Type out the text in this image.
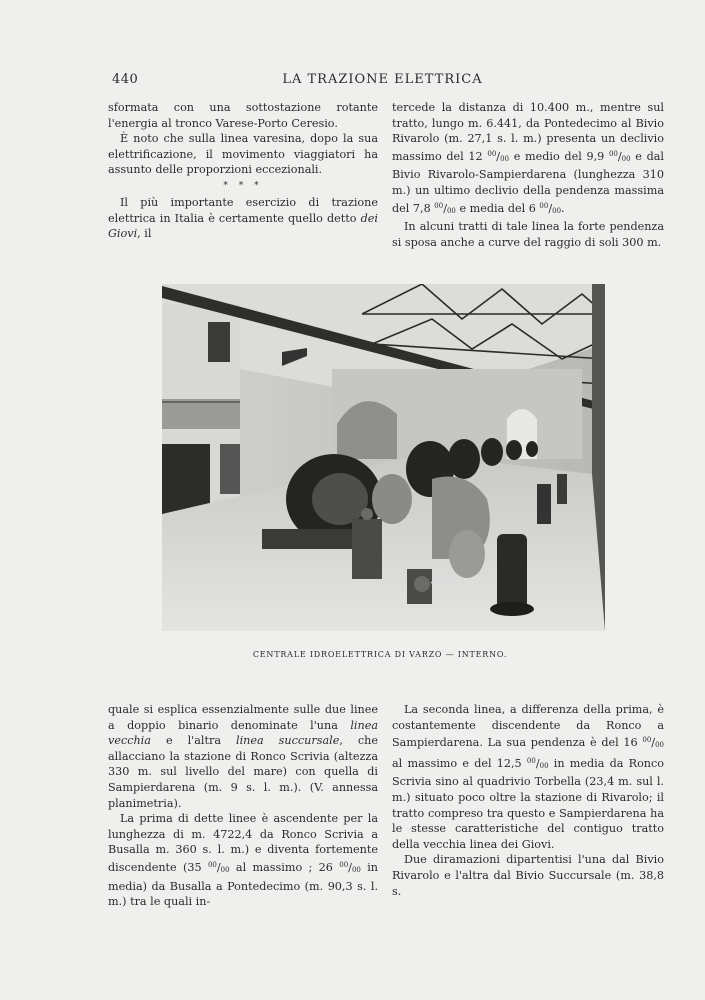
440	LA TRAZIONE ELETTRICA

sformata con una sottostazione rotante l'energia al tronco Varese-Porto Ceresio.

È noto che sulla linea varesina, dopo la sua elettrificazione, il movimento viaggiatori ha assunto delle proporzioni eccezionali.

* * *

Il più importante esercizio di trazione elettrica in Italia è certamente quello detto dei Giovi, il

tercede la distanza di 10.400 m., mentre sul tratto, lungo m. 6.441, da Pontedecimo al Bivio Rivarolo (m. 27,1 s. l. m.) presenta un declivio massimo del 12 $^{00}/_{00}$ e medio del 9,9 $^{00}/_{00}$ e dal Bivio Rivarolo-Sampierdarena (lunghezza 310 m.) un ultimo declivio della pendenza massima del 7,8 $^{00}/_{00}$ e media del 6 $^{00}/_{00}$.

In alcuni tratti di tale linea la forte pendenza si sposa anche a curve del raggio di soli 300 m.

CENTRALE IDROELETTRICA DI VARZO — INTERNO.

quale si esplica essenzialmente sulle due linee a doppio binario denominate l'una linea vecchia e l'altra linea succursale, che allacciano la stazione di Ronco Scrivia (altezza 330 m. sul livello del mare) con quella di Sampierdarena (m. 9 s. l. m.). (V. annessa planimetria).

La prima di dette linee è ascendente per la lunghezza di m. 4722,4 da Ronco Scrivia a Busalla m. 360 s. l. m.) e diventa fortemente discendente (35 $^{00}/_{00}$ al massimo ; 26 $^{00}/_{00}$ in media) da Busalla a Pontedecimo (m. 90,3 s. l. m.) tra le quali in-

La seconda linea, a differenza della prima, è costantemente discendente da Ronco a Sampierdarena. La sua pendenza è del 16 $^{00}/_{00}$ al massimo e del 12,5 $^{00}/_{00}$ in media da Ronco Scrivia sino al quadrivio Torbella (23,4 m. sul l. m.) situato poco oltre la stazione di Rivarolo; il tratto compreso tra questo e Sampierdarena ha le stesse caratteristiche del contiguo tratto della vecchia linea dei Giovi.

Due diramazioni dipartentisi l'una dal Bivio Rivarolo e l'altra dal Bivio Succursale (m. 38,8 s.
